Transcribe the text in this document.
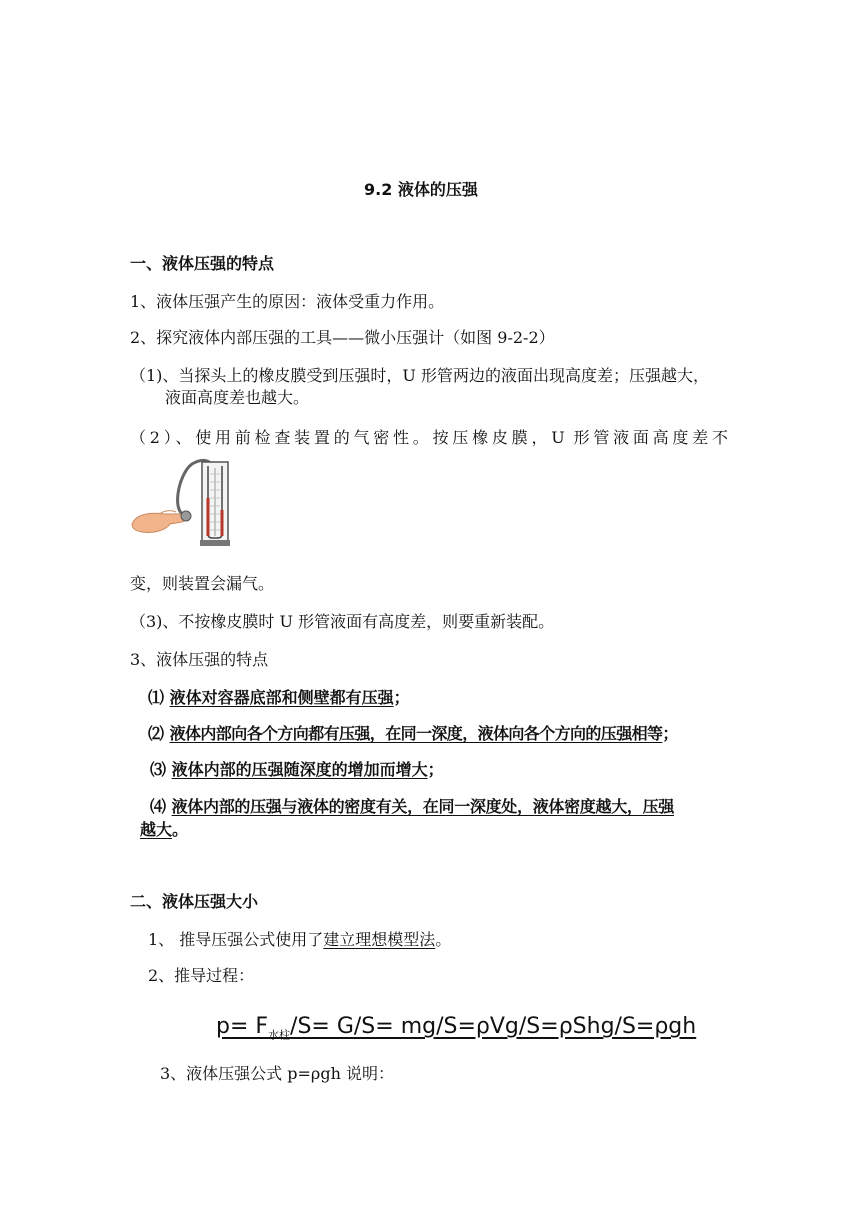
9.2 液体的压强
一、液体压强的特点
1、液体压强产生的原因：液体受重力作用。
2、探究液体内部压强的工具——微小压强计（如图 9-2-2）
（1)、当探头上的橡皮膜受到压强时，U 形管两边的液面出现高度差；压强越大，
液面高度差也越大。
（2）、使用前检查装置的气密性。按压橡皮膜，U 形管液面高度差不
变，则装置会漏气。
（3)、不按橡皮膜时 U 形管液面有高度差，则要重新装配。
3、液体压强的特点
⑴ 液体对容器底部和侧壁都有压强；
⑵ 液体内部向各个方向都有压强，在同一深度，液体向各个方向的压强相等；
⑶ 液体内部的压强随深度的增加而增大；
⑷ 液体内部的压强与液体的密度有关，在同一深度处，液体密度越大，压强
越大。
二、液体压强大小
1、 推导压强公式使用了建立理想模型法。
2、推导过程：
$p= F_{水柱}/S= G/S= mg/S=\rho Vg/S=\rho Shg/S=\rho gh$
3、液体压强公式 p=ρgh 说明：
